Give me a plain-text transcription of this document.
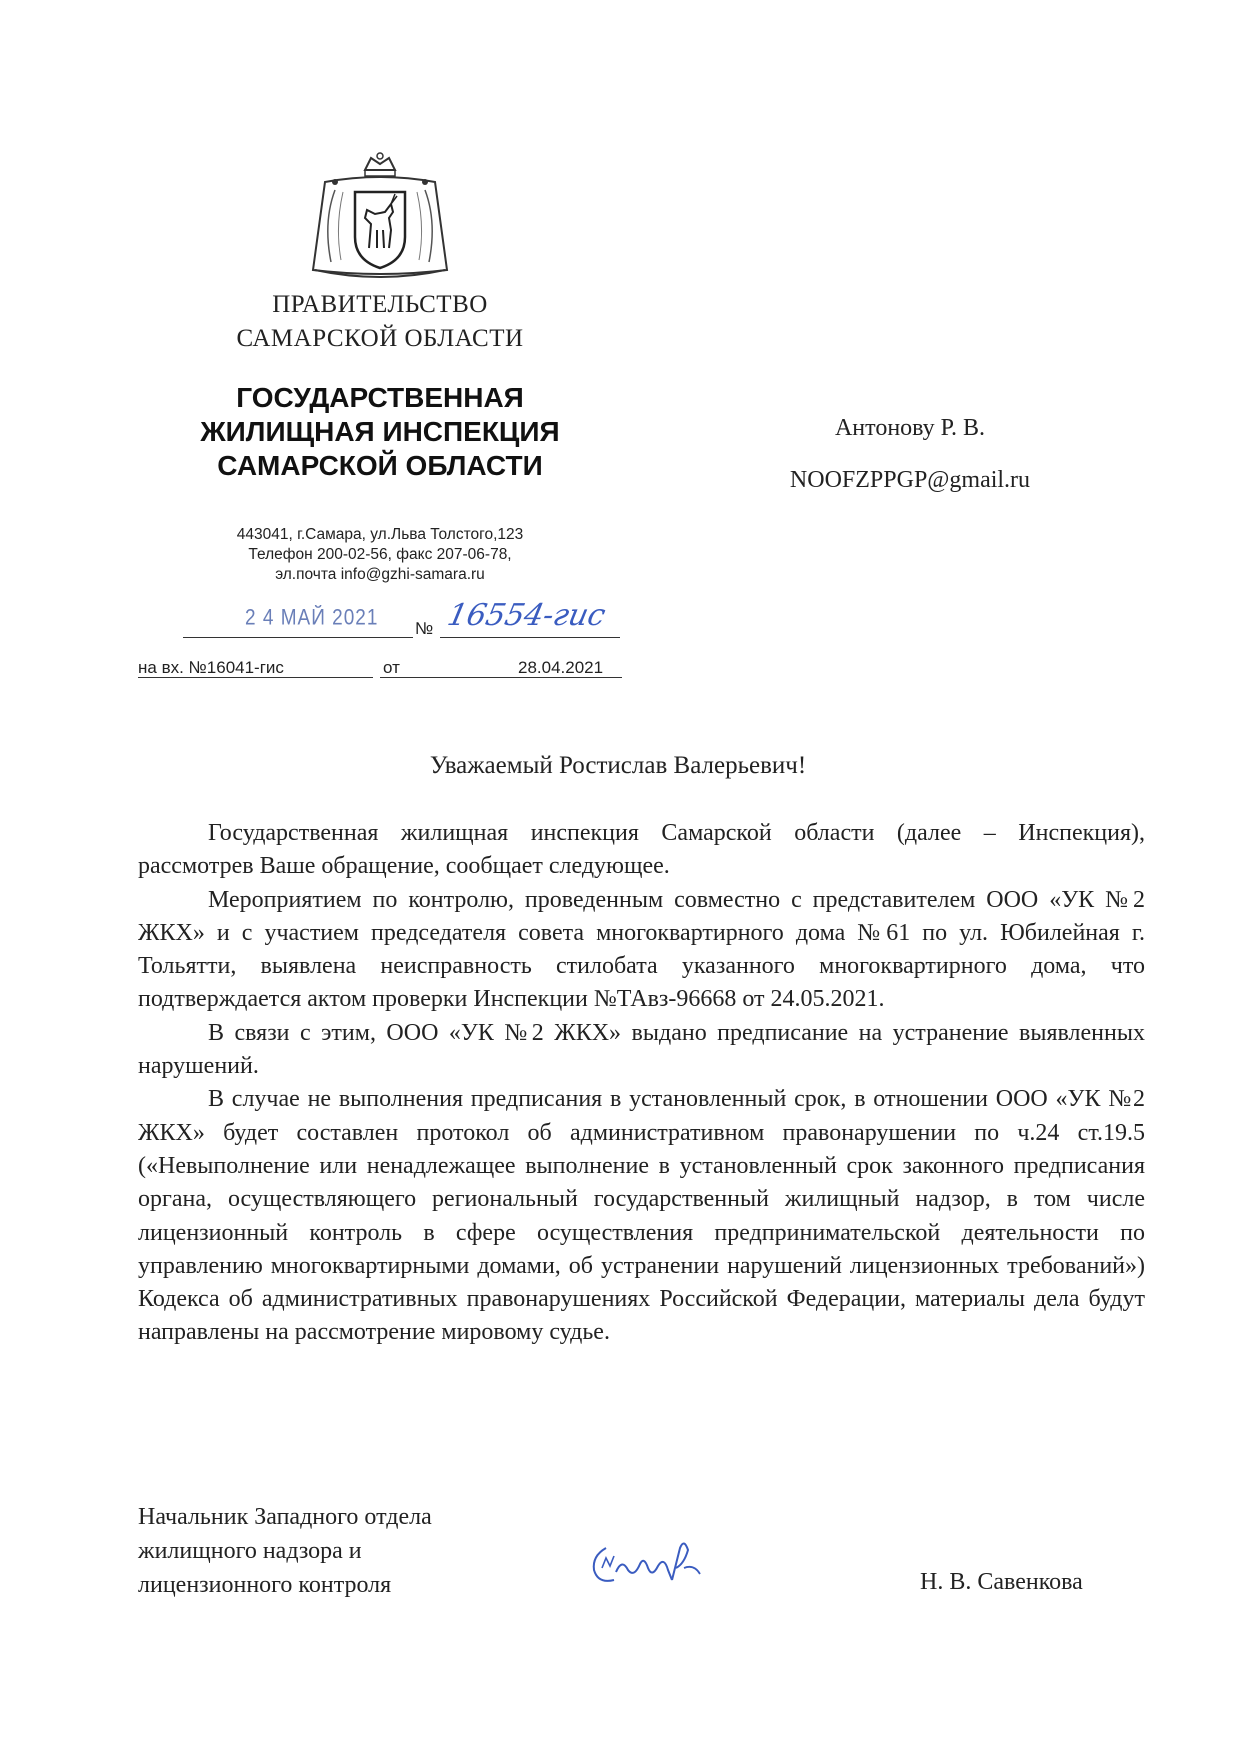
ПРАВИТЕЛЬСТВО
САМАРСКОЙ ОБЛАСТИ
ГОСУДАРСТВЕННАЯ
ЖИЛИЩНАЯ ИНСПЕКЦИЯ
САМАРСКОЙ ОБЛАСТИ
443041, г.Самара, ул.Льва Толстого,123
Телефон 200-02-56, факс 207-06-78,
эл.почта info@gzhi-samara.ru
Антонову Р. В.
NOOFZPPGP@gmail.ru
2 4 МАЙ 2021 № 16554-гис
на вх. №16041-гис	от	28.04.2021
Уважаемый Ростислав Валерьевич!

Государственная жилищная инспекция Самарской области (далее – Инспекция), рассмотрев Ваше обращение, сообщает следующее.

Мероприятием по контролю, проведенным совместно с представителем ООО «УК №2 ЖКХ» и с участием председателя совета многоквартирного дома №61 по ул. Юбилейная г. Тольятти, выявлена неисправность стилобата указанного многоквартирного дома, что подтверждается актом проверки Инспекции №ТАвз-96668 от 24.05.2021.

В связи с этим, ООО «УК №2 ЖКХ» выдано предписание на устранение выявленных нарушений.

В случае не выполнения предписания в установленный срок, в отношении ООО «УК №2 ЖКХ» будет составлен протокол об административном правонарушении по ч.24 ст.19.5 («Невыполнение или ненадлежащее выполнение в установленный срок законного предписания органа, осуществляющего региональный государственный жилищный надзор, в том числе лицензионный контроль в сфере осуществления предпринимательской деятельности по управлению многоквартирными домами, об устранении нарушений лицензионных требований») Кодекса об административных правонарушениях Российской Федерации, материалы дела будут направлены на рассмотрение мировому судье.

Начальник Западного отдела
жилищного надзора и
лицензионного контроля	Н. В. Савенкова
